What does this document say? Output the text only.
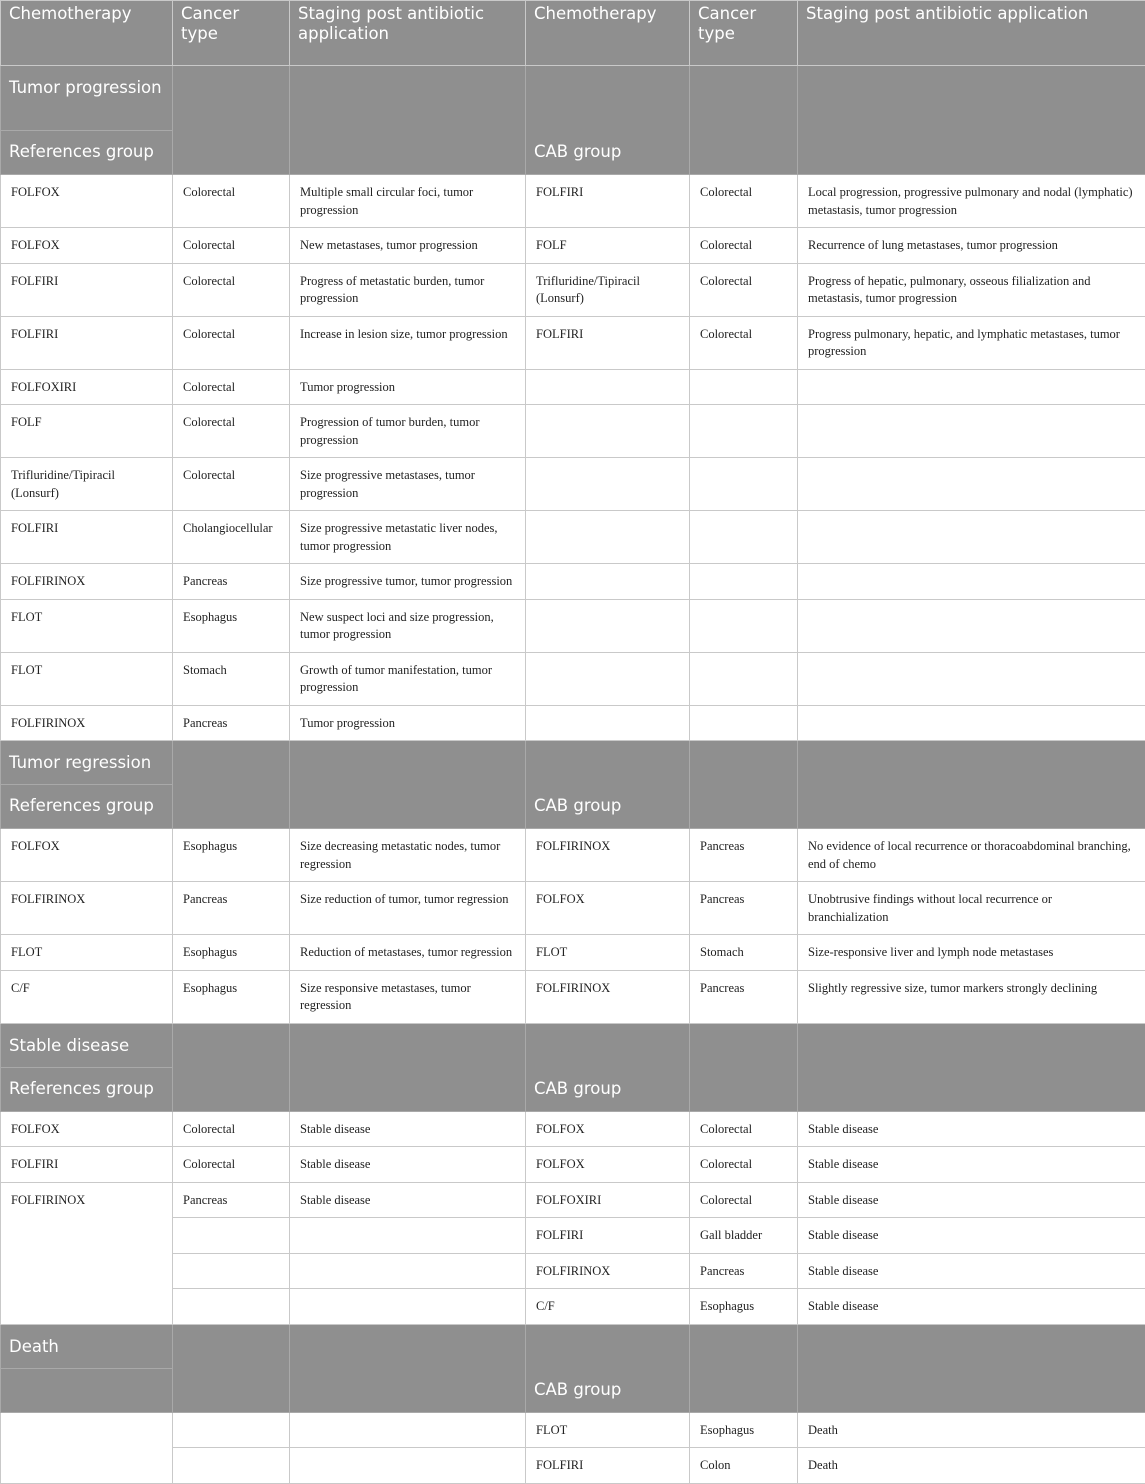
Chemotherapy	Cancer type	Staging post antibiotic application	Chemotherapy	Cancer type	Staging post antibiotic application
Tumor progression			CAB group		
References group					
FOLFOX	Colorectal	Multiple small circular foci, tumor progression	FOLFIRI	Colorectal	Local progression, progressive pulmonary and nodal (lymphatic) metastasis, tumor progression
FOLFOX	Colorectal	New metastases, tumor progression	FOLF	Colorectal	Recurrence of lung metastases, tumor progression
FOLFIRI	Colorectal	Progress of metastatic burden, tumor progression	Trifluridine/Tipiracil (Lonsurf)	Colorectal	Progress of hepatic, pulmonary, osseous filialization and metastasis, tumor progression
FOLFIRI	Colorectal	Increase in lesion size, tumor progression	FOLFIRI	Colorectal	Progress pulmonary, hepatic, and lymphatic metastases, tumor progression
FOLFOXIRI	Colorectal	Tumor progression			
FOLF	Colorectal	Progression of tumor burden, tumor progression			
Trifluridine/Tipiracil (Lonsurf)	Colorectal	Size progressive metastases, tumor progression			
FOLFIRI	Cholangiocellular	Size progressive metastatic liver nodes, tumor progression			
FOLFIRINOX	Pancreas	Size progressive tumor, tumor progression			
FLOT	Esophagus	New suspect loci and size progression, tumor progression			
FLOT	Stomach	Growth of tumor manifestation, tumor progression			
FOLFIRINOX	Pancreas	Tumor progression			
Tumor regression			CAB group		
References group					
FOLFOX	Esophagus	Size decreasing metastatic nodes, tumor regression	FOLFIRINOX	Pancreas	No evidence of local recurrence or thoracoabdominal branching, end of chemo
FOLFIRINOX	Pancreas	Size reduction of tumor, tumor regression	FOLFOX	Pancreas	Unobtrusive findings without local recurrence or branchialization
FLOT	Esophagus	Reduction of metastases, tumor regression	FLOT	Stomach	Size-responsive liver and lymph node metastases
C/F	Esophagus	Size responsive metastases, tumor regression	FOLFIRINOX	Pancreas	Slightly regressive size, tumor markers strongly declining
Stable disease			CAB group		
References group					
FOLFOX	Colorectal	Stable disease	FOLFOX	Colorectal	Stable disease
FOLFIRI	Colorectal	Stable disease	FOLFOX	Colorectal	Stable disease
FOLFIRINOX	Pancreas	Stable disease	FOLFOXIRI	Colorectal	Stable disease
			FOLFIRI	Gall bladder	Stable disease
			FOLFIRINOX	Pancreas	Stable disease
			C/F	Esophagus	Stable disease
Death			CAB group		

			FLOT	Esophagus	Death
			FOLFIRI	Colon	Death
